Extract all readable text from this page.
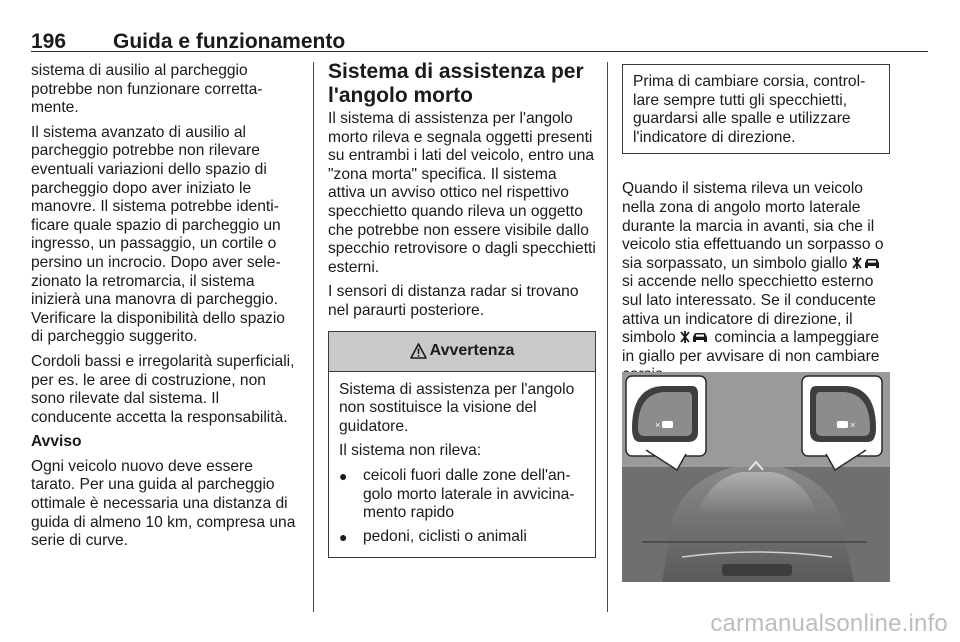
196 Guida e funzionamento

sistema di ausilio al parcheggio potrebbe non funzionare correttamente.

Il sistema avanzato di ausilio al parcheggio potrebbe non rilevare eventuali variazioni dello spazio di parcheggio dopo aver iniziato le manovre. Il sistema potrebbe identificare quale spazio di parcheggio un ingresso, un passaggio, un cortile o persino un incrocio. Dopo aver selezionato la retromarcia, il sistema inizierà una manovra di parcheggio. Verificare la disponibilità dello spazio di parcheggio suggerito.

Cordoli bassi e irregolarità superficiali, per es. le aree di costruzione, non sono rilevate dal sistema. Il conducente accetta la responsabilità.

Avviso

Ogni veicolo nuovo deve essere tarato. Per una guida al parcheggio ottimale è necessaria una distanza di guida di almeno 10 km, compresa una serie di curve.

Sistema di assistenza per l'angolo morto

Il sistema di assistenza per l'angolo morto rileva e segnala oggetti presenti su entrambi i lati del veicolo, entro una "zona morta" specifica. Il sistema attiva un avviso ottico nel rispettivo specchietto quando rileva un oggetto che potrebbe non essere visibile dallo specchio retrovisore o dagli specchietti esterni.

I sensori di distanza radar si trovano nel paraurti posteriore.

Avvertenza

Sistema di assistenza per l'angolo non sostituisce la visione del guidatore.

Il sistema non rileva:

● ceicoli fuori dalle zone dell'angolo morto laterale in avvicinamento rapido
● pedoni, ciclisti o animali
Prima di cambiare corsia, controllare sempre tutti gli specchietti, guardarsi alle spalle e utilizzare l'indicatore di direzione.

Quando il sistema rileva un veicolo nella zona di angolo morto laterale durante la marcia in avanti, sia che il veicolo stia effettuando un sorpasso o sia sorpassato, un simbolo giallo  si accende nello specchietto esterno sul lato interessato. Se il conducente attiva un indicatore di direzione, il simbolo comincia a lampeggiare in giallo per avvisare di non cambiare

×	×
carmanualsonline.info
